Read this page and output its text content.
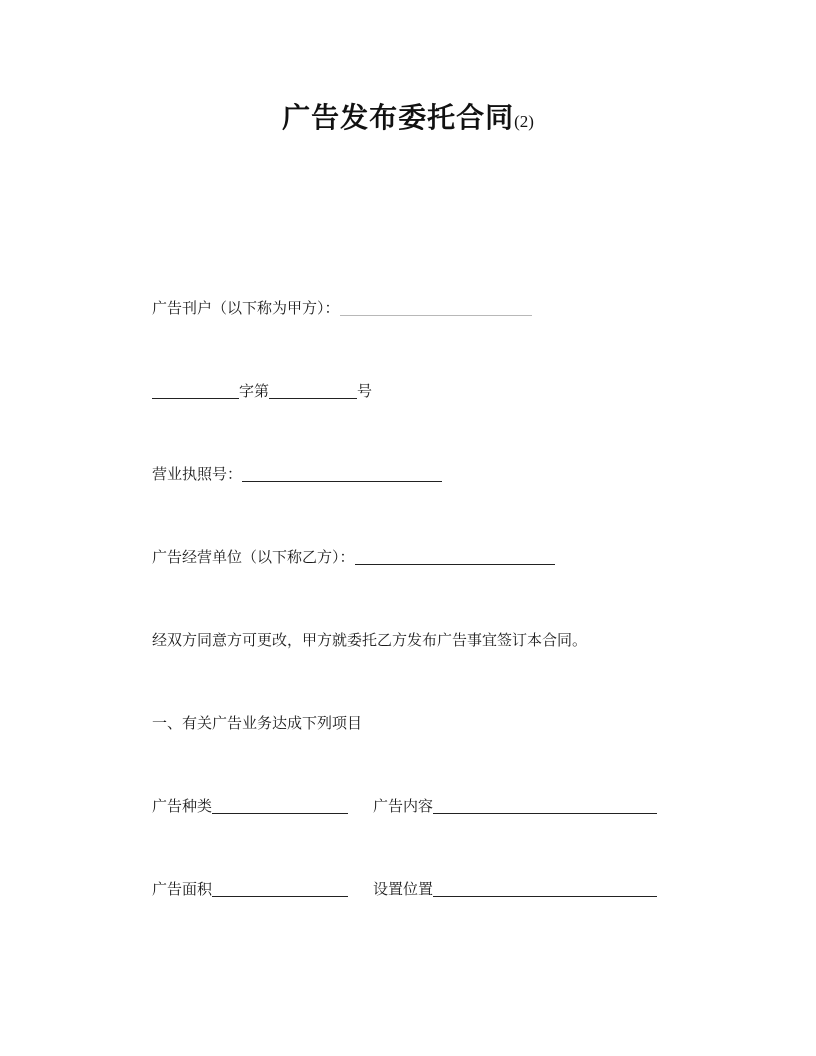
广告发布委托合同(2)
广告刊户（以下称为甲方）：
字第	号
营业执照号：
广告经营单位（以下称乙方）：
经双方同意方可更改，甲方就委托乙方发布广告事宜签订本合同。
一、有关广告业务达成下列项目
广告种类	广告内容
广告面积	设置位置
